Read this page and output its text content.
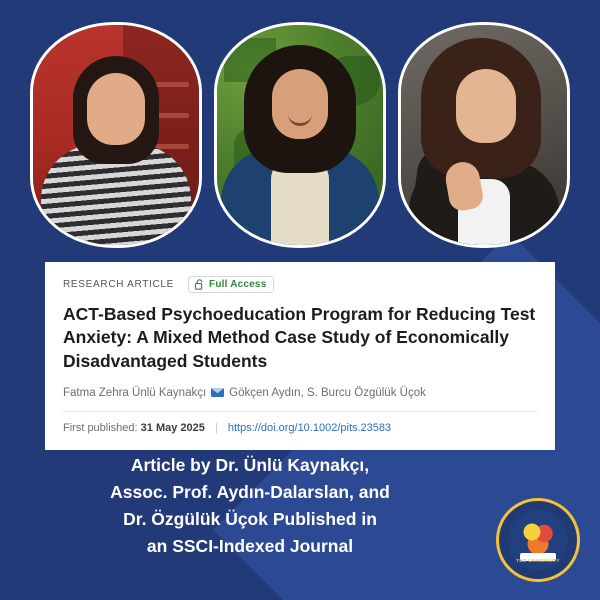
RESEARCH ARTICLE	Full Access
ACT-Based Psychoeducation Program for Reducing Test Anxiety: A Mixed Method Case Study of Economically Disadvantaged Students
Fatma Zehra Ünlü Kaynakçı Gökçen Aydın, S. Burcu Özgülük Üçok
First published: 31 May 2025 | https://doi.org/10.1002/pits.23583
Article by Dr. Ünlü Kaynakçı,
Assoc. Prof. Aydın-Dalarslan, and
Dr. Özgülük Üçok Published in
an SSCI-Indexed Journal
TED UNIVERSITY
